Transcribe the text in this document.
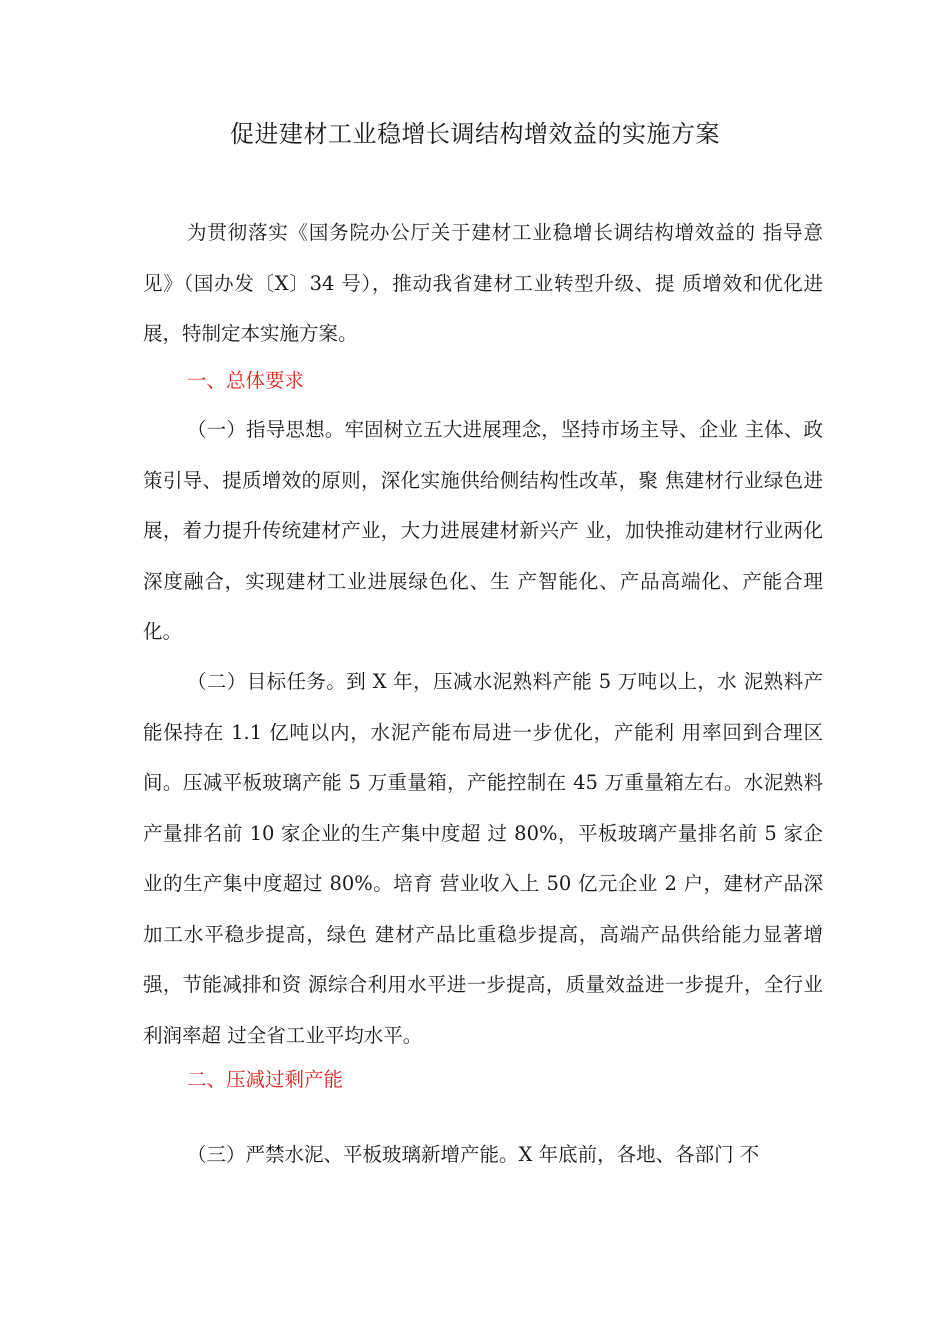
促进建材工业稳增长调结构增效益的实施方案

为贯彻落实《国务院办公厅关于建材工业稳增长调结构增效益的 指导意见》（国办发〔X〕34 号），推动我省建材工业转型升级、提 质增效和优化进展，特制定本实施方案。

一、总体要求

（一）指导思想。牢固树立五大进展理念，坚持市场主导、企业 主体、政策引导、提质增效的原则，深化实施供给侧结构性改革，聚 焦建材行业绿色进展，着力提升传统建材产业，大力进展建材新兴产 业，加快推动建材行业两化深度融合，实现建材工业进展绿色化、生 产智能化、产品高端化、产能合理化。

（二）目标任务。到 X 年，压减水泥熟料产能 5 万吨以上，水 泥熟料产能保持在 1.1 亿吨以内，水泥产能布局进一步优化，产能利 用率回到合理区间。压减平板玻璃产能 5 万重量箱，产能控制在 45 万重量箱左右。水泥熟料产量排名前 10 家企业的生产集中度超 过 80%，平板玻璃产量排名前 5 家企业的生产集中度超过 80%。培育 营业收入上 50 亿元企业 2 户，建材产品深加工水平稳步提高，绿色 建材产品比重稳步提高，高端产品供给能力显著增强，节能减排和资 源综合利用水平进一步提高，质量效益进一步提升，全行业利润率超 过全省工业平均水平。

二、压减过剩产能

（三）严禁水泥、平板玻璃新增产能。X 年底前，各地、各部门 不
